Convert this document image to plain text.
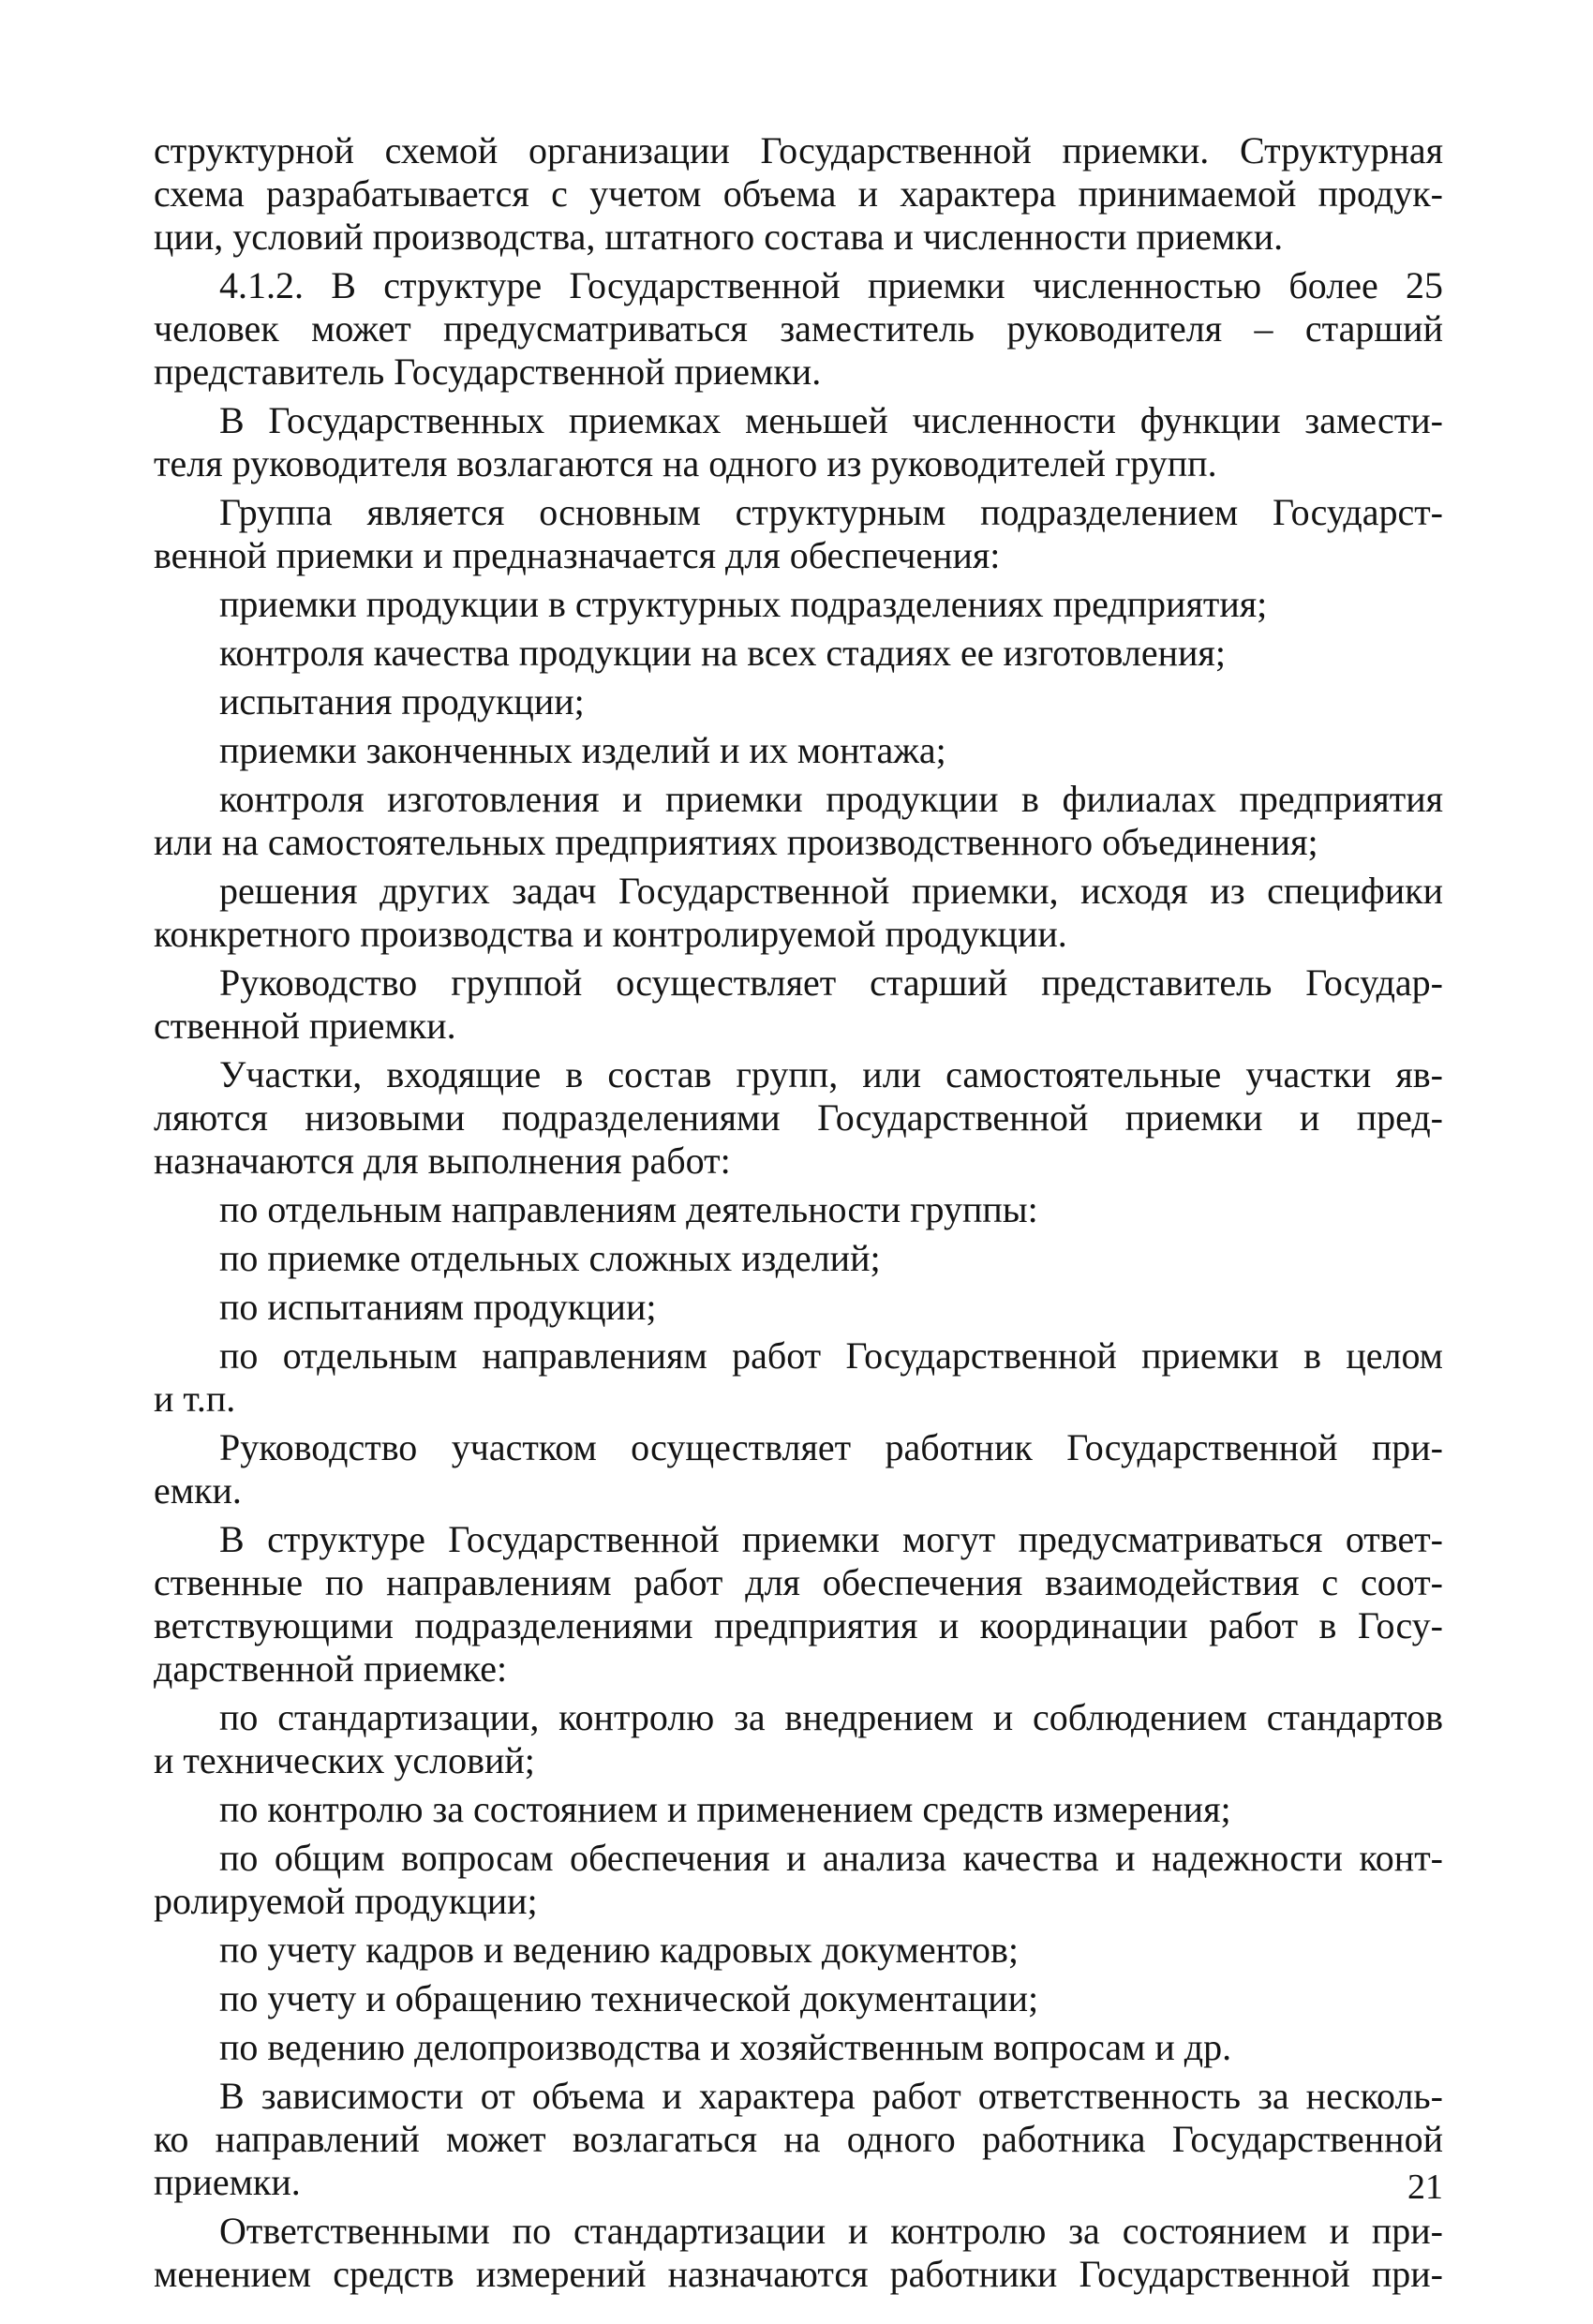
структурной схемой организации Государственной приемки. Структурная
схема разрабатывается с учетом объема и характера принимаемой продук-
ции, условий производства, штатного состава и численности приемки.
4.1.2. В структуре Государственной приемки численностью более 25
человек может предусматриваться заместитель руководителя – старший
представитель Государственной приемки.
В Государственных приемках меньшей численности функции замести-
теля руководителя возлагаются на одного из руководителей групп.
Группа является основным структурным подразделением Государст-
венной приемки и предназначается для обеспечения:
приемки продукции в структурных подразделениях предприятия;
контроля качества продукции на всех стадиях ее изготовления;
испытания продукции;
приемки законченных изделий и их монтажа;
контроля изготовления и приемки продукции в филиалах предприятия
или на самостоятельных предприятиях производственного объединения;
решения других задач Государственной приемки, исходя из специфики
конкретного производства и контролируемой продукции.
Руководство группой осуществляет старший представитель Государ-
ственной приемки.
Участки, входящие в состав групп, или самостоятельные участки яв-
ляются низовыми подразделениями Государственной приемки и пред-
назначаются для выполнения работ:
по отдельным направлениям деятельности группы:
по приемке отдельных сложных изделий;
по испытаниям продукции;
по отдельным направлениям работ Государственной приемки в целом
и т.п.
Руководство участком осуществляет работник Государственной при-
емки.
В структуре Государственной приемки могут предусматриваться ответ-
ственные по направлениям работ для обеспечения взаимодействия с соот-
ветствующими подразделениями предприятия и координации работ в Госу-
дарственной приемке:
по стандартизации, контролю за внедрением и соблюдением стандартов
и технических условий;
по контролю за состоянием и применением средств измерения;
по общим вопросам обеспечения и анализа качества и надежности конт-
ролируемой продукции;
по учету кадров и ведению кадровых документов;
по учету и обращению технической документации;
по ведению делопроизводства и хозяйственным вопросам и др.
В зависимости от объема и характера работ ответственность за несколь-
ко направлений может возлагаться на одного работника Государственной
приемки.
Ответственными по стандартизации и контролю за состоянием и при-
менением средств измерений назначаются работники Государственной при-
21
